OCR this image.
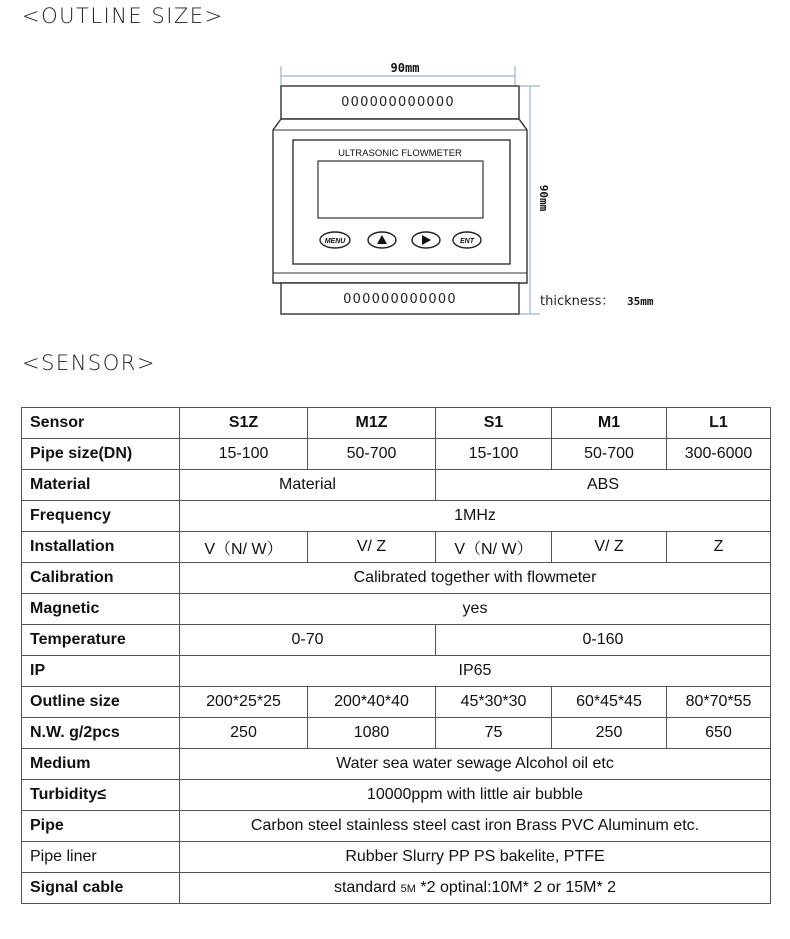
<OUTLINE SIZE>
90mm
90mm
000000000000
ULTRASONIC FLOWMETER
MENU	ENT
000000000000	thickness： 35mm
<SENSOR>
Sensor	S1Z	M1Z	S1	M1	L1
Pipe size(DN)	15-100	50-700	15-100	50-700	300-6000
Material	Material		ABS		
Frequency	1MHz				
Installation	V（N/ W）	V/ Z	V（N/ W）	V/ Z	Z
Calibration	Calibrated together with flowmeter				
Magnetic	yes				
Temperature	0-70		0-160		
IP	IP65				
Outline size	200*25*25	200*40*40	45*30*30	60*45*45	80*70*55
N.W. g/2pcs	250	1080	75	250	650
Medium	Water sea water sewage Alcohol oil etc				
Turbidity≤	10000ppm with little air bubble				
Pipe	Carbon steel stainless steel cast iron Brass PVC Aluminum etc.				
Pipe liner	Rubber Slurry PP PS bakelite, PTFE				
Signal cable	standard 5M *2 optinal:10M* 2 or 15M* 2				
